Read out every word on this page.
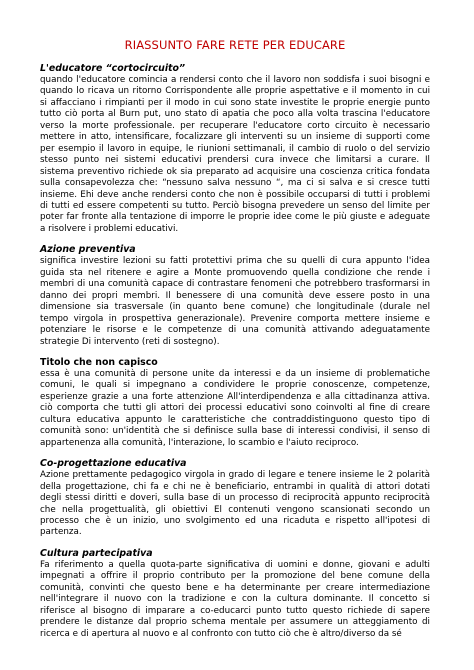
RIASSUNTO FARE RETE PER EDUCARE
L'educatore “cortocircuito”

quando l'educatore comincia a rendersi conto che il lavoro non soddisfa i suoi bisogni e quando lo ricava un ritorno Corrispondente alle proprie aspettative e il momento in cui si affacciano i rimpianti per il modo in cui sono state investite le proprie energie punto tutto ciò porta al Burn put, uno stato di apatia che poco alla volta trascina l'educatore verso la morte professionale. per recuperare l'educatore corto circuito è necessario mettere in atto, intensificare, focalizzare gli interventi su un insieme di supporti come per esempio il lavoro in equipe, le riunioni settimanali, il cambio di ruolo o del servizio stesso punto nei sistemi educativi prendersi cura invece che limitarsi a curare. Il sistema preventivo richiede ok sia preparato ad acquisire una coscienza critica fondata sulla consapevolezza che: “nessuno salva nessuno “, ma ci si salva e si cresce tutti insieme. Ehi deve anche rendersi conto che non è possibile occuparsi di tutti i problemi di tutti ed essere competenti su tutto. Perciò bisogna prevedere un senso del limite per poter far fronte alla tentazione di imporre le proprie idee come le più giuste e adeguate a risolvere i problemi educativi.

Azione preventiva

significa investire lezioni su fatti protettivi prima che su quelli di cura appunto l'idea guida sta nel ritenere e agire a Monte promuovendo quella condizione che rende i membri di una comunità capace di contrastare fenomeni che potrebbero trasformarsi in danno dei propri membri. Il benessere di una comunità deve essere posto in una dimensione sia trasversale (in quanto bene comune) che longitudinale (durale nel tempo virgola in prospettiva generazionale). Prevenire comporta mettere insieme e potenziare le risorse e le competenze di una comunità attivando adeguatamente strategie Di intervento (reti di sostegno).

Titolo che non capisco

essa è una comunità di persone unite da interessi e da un insieme di problematiche comuni, le quali si impegnano a condividere le proprie conoscenze, competenze, esperienze grazie a una forte attenzione All'interdipendenza e alla cittadinanza attiva. ciò comporta che tutti gli attori dei processi educativi sono coinvolti al fine di creare cultura educativa appunto le caratteristiche che contraddistinguono questo tipo di comunità sono: un'identità che si definisce sulla base di interessi condivisi, il senso di appartenenza alla comunità, l'interazione, lo scambio e l'aiuto reciproco.

Co-progettazione educativa

Azione prettamente pedagogico virgola in grado di legare e tenere insieme le 2 polarità della progettazione, chi fa e chi ne è beneficiario, entrambi in qualità di attori dotati degli stessi diritti e doveri, sulla base di un processo di reciprocità appunto reciprocità che nella progettualità, gli obiettivi El contenuti vengono scansionati secondo un processo che è un inizio, uno svolgimento ed una ricaduta e rispetto all'ipotesi di partenza.

Cultura partecipativa

Fa riferimento a quella quota-parte significativa di uomini e donne, giovani e adulti impegnati a offrire il proprio contributo per la promozione del bene comune della comunità, convinti che questo bene e ha determinante per creare intermediazione nell'integrare il nuovo con la tradizione e con la cultura dominante. Il concetto si riferisce al bisogno di imparare a co-educarci punto tutto questo richiede di sapere prendere le distanze dal proprio schema mentale per assumere un atteggiamento di ricerca e di apertura al nuovo e al confronto con tutto ciò che è altro/diverso da sé
